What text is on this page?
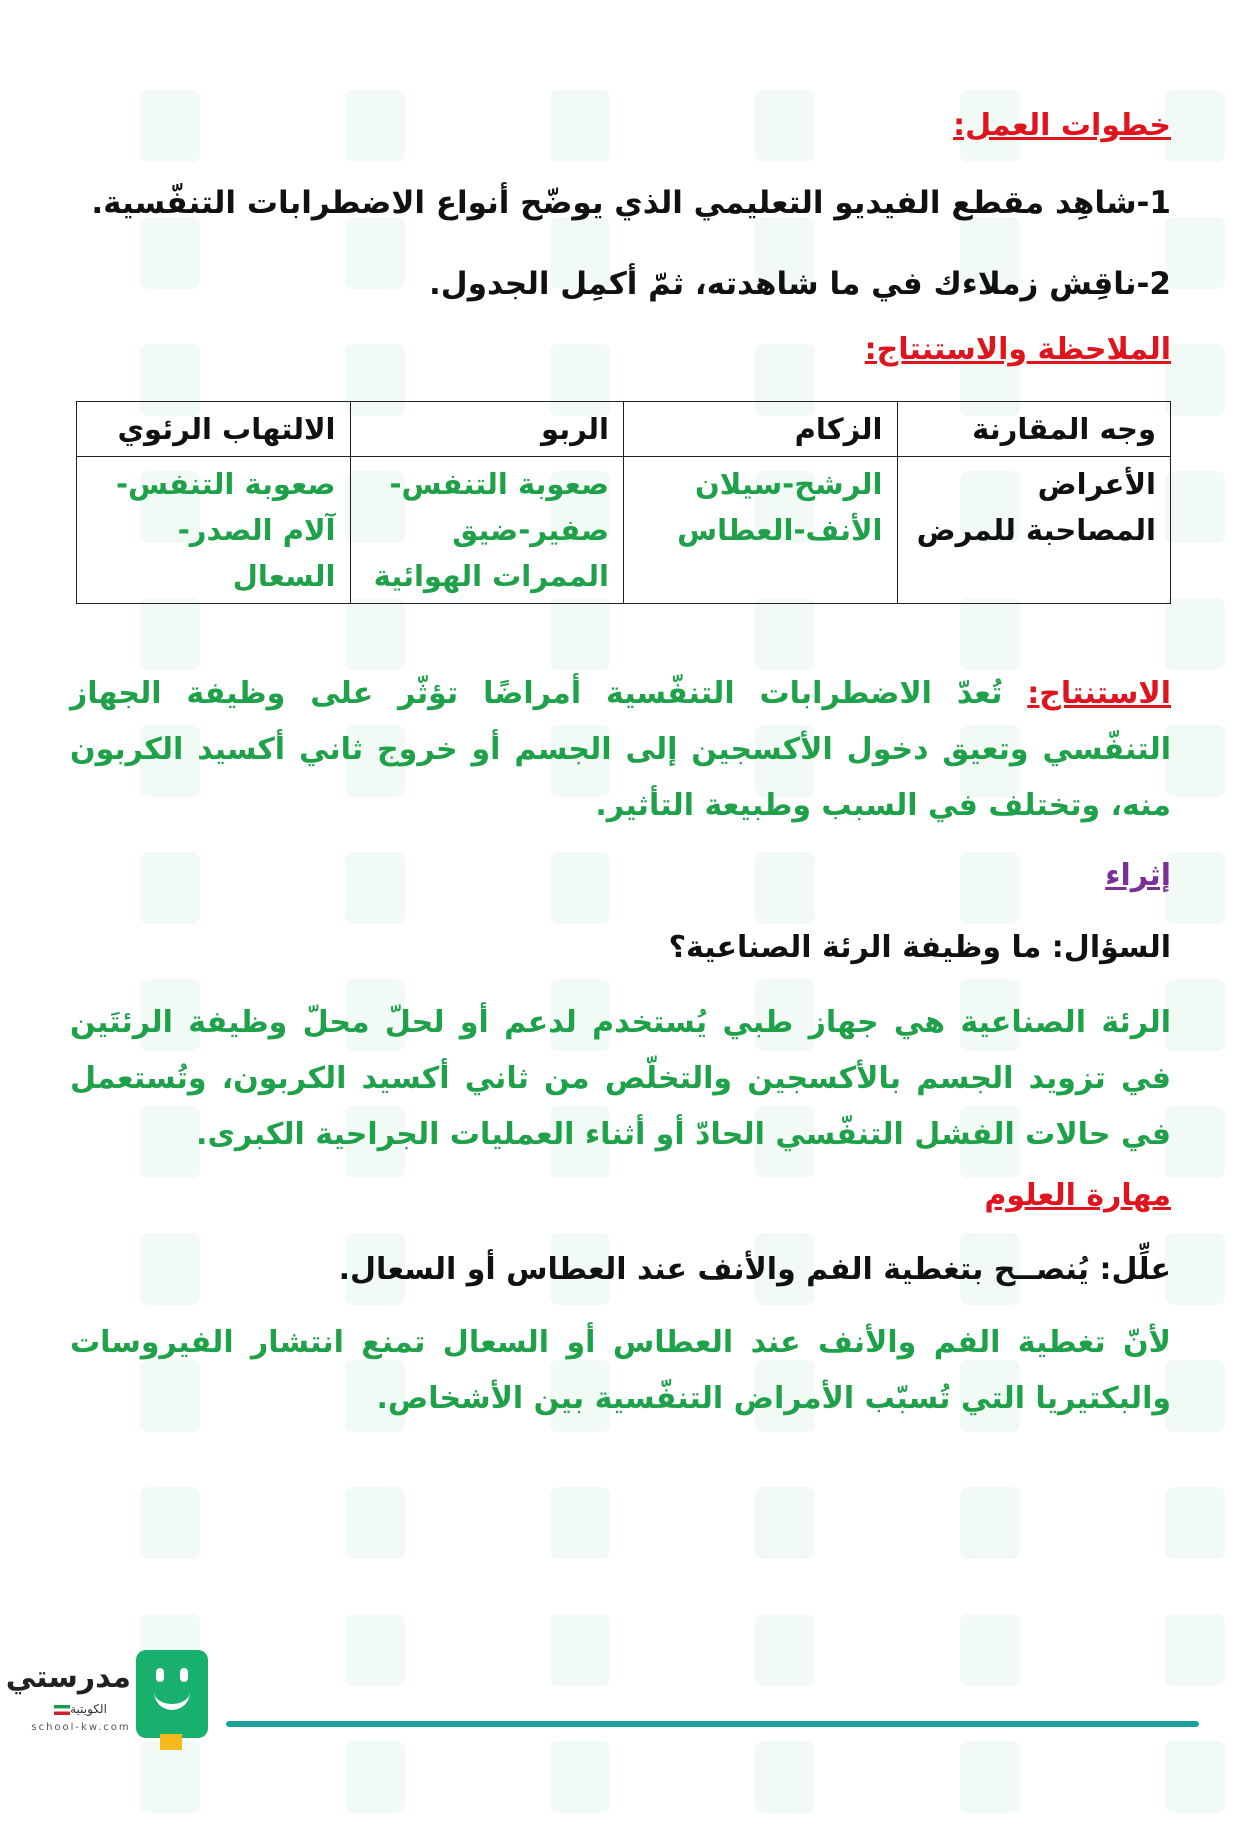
خطوات العمل:
1-شاهِد مقطع الفيديو التعليمي الذي يوضّح أنواع الاضطرابات التنفّسية.
2-ناقِش زملاءك في ما شاهدته، ثمّ أكمِل الجدول.
الملاحظة والاستنتاج:
وجه المقارنة	الزكام	الربو	الالتهاب الرئوي
الأعراض المصاحبة للمرض	الرشح-سيلان الأنف-العطاس	صعوبة التنفس-صفير-ضيق الممرات الهوائية	صعوبة التنفس-آلام الصدر-السعال
الاستنتاج: تُعدّ الاضطرابات التنفّسية أمراضًا تؤثّر على وظيفة الجهاز التنفّسي وتعيق دخول الأكسجين إلى الجسم أو خروج ثاني أكسيد الكربون منه، وتختلف في السبب وطبيعة التأثير.
إثراء
السؤال: ما وظيفة الرئة الصناعية؟
الرئة الصناعية هي جهاز طبي يُستخدم لدعم أو لحلّ محلّ وظيفة الرئتَين في تزويد الجسم بالأكسجين والتخلّص من ثاني أكسيد الكربون، وتُستعمل في حالات الفشل التنفّسي الحادّ أو أثناء العمليات الجراحية الكبرى.
مهارة العلوم
علِّل: يُنصــح بتغطية الفم والأنف عند العطاس أو السعال.
لأنّ تغطية الفم والأنف عند العطاس أو السعال تمنع انتشار الفيروسات والبكتيريا التي تُسبّب الأمراض التنفّسية بين الأشخاص.
مدرستي
الكويتية
school-kw.com
